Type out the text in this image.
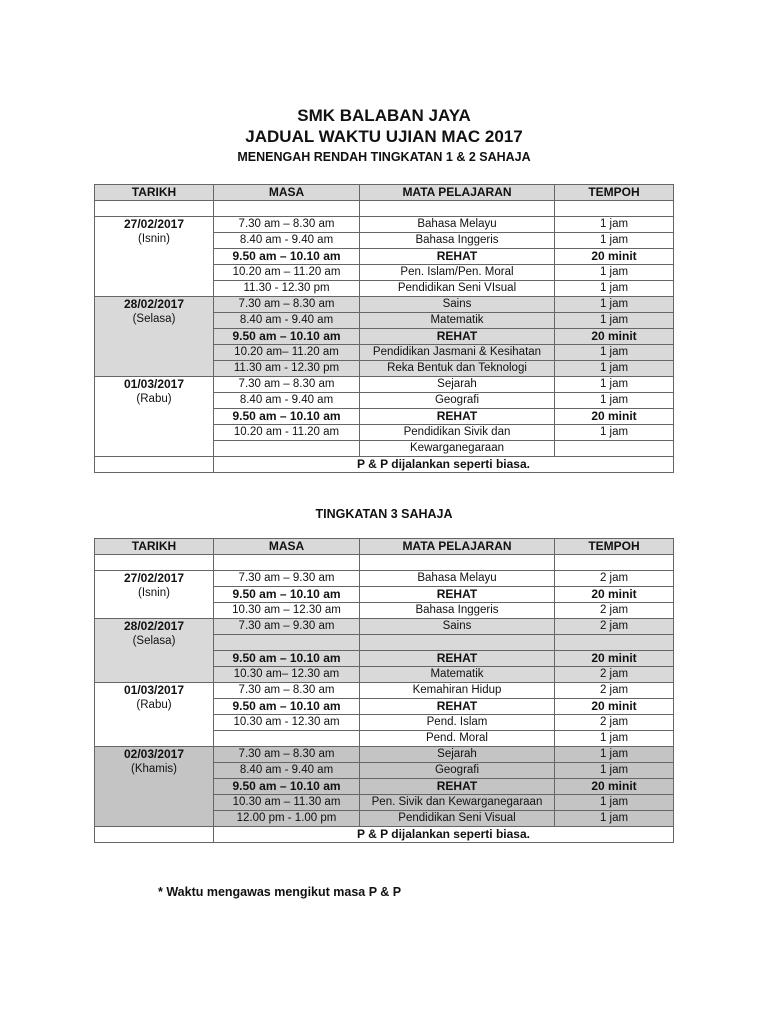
SMK BALABAN JAYA
JADUAL WAKTU UJIAN MAC 2017
MENENGAH RENDAH TINGKATAN 1 & 2 SAHAJA
TARIKH	MASA	MATA PELAJARAN	TEMPOH

27/02/2017
(Isnin)	7.30 am – 8.30 am	Bahasa Melayu	1 jam
	8.40 am - 9.40 am	Bahasa Inggeris	1 jam
	9.50 am – 10.10 am	REHAT	20 minit
	10.20 am – 11.20 am	Pen. Islam/Pen. Moral	1 jam
	11.30 - 12.30 pm	Pendidikan Seni VIsual	1 jam

28/02/2017
(Selasa)	7.30 am – 8.30 am	Sains	1 jam
	8.40 am - 9.40 am	Matematik	1 jam
	9.50 am – 10.10 am	REHAT	20 minit
	10.20 am– 11.20 am	Pendidikan Jasmani & Kesihatan	1 jam
	11.30 am - 12.30 pm	Reka Bentuk dan Teknologi	1 jam

01/03/2017
(Rabu)	7.30 am – 8.30 am	Sejarah	1 jam
	8.40 am - 9.40 am	Geografi	1 jam
	9.50 am – 10.10 am	REHAT	20 minit
	10.20 am - 11.20 am	Pendidikan Sivik dan	1 jam
		Kewarganegaraan	
	P & P dijalankan seperti biasa.		
TINGKATAN 3 SAHAJA
TARIKH	MASA	MATA PELAJARAN	TEMPOH

27/02/2017
(Isnin)	7.30 am – 9.30 am	Bahasa Melayu	2 jam
	9.50 am – 10.10 am	REHAT	20 minit
	10.30 am – 12.30 am	Bahasa Inggeris	2 jam

28/02/2017
(Selasa)	7.30 am – 9.30 am	Sains	2 jam

	9.50 am – 10.10 am	REHAT	20 minit
	10.30 am– 12.30 am	Matematik	2 jam

01/03/2017
(Rabu)	7.30 am – 8.30 am	Kemahiran Hidup	2 jam
	9.50 am – 10.10 am	REHAT	20 minit
	10.30 am - 12.30 am	Pend. Islam	2 jam
		Pend. Moral	1 jam

02/03/2017
(Khamis)	7.30 am – 8.30 am	Sejarah	1 jam
	8.40 am - 9.40 am	Geografi	1 jam
	9.50 am – 10.10 am	REHAT	20 minit
	10.30 am – 11.30 am	Pen. Sivik dan Kewarganegaraan	1 jam
	12.00 pm - 1.00 pm	Pendidikan Seni Visual	1 jam
	P & P dijalankan seperti biasa.		
* Waktu mengawas mengikut masa P & P
